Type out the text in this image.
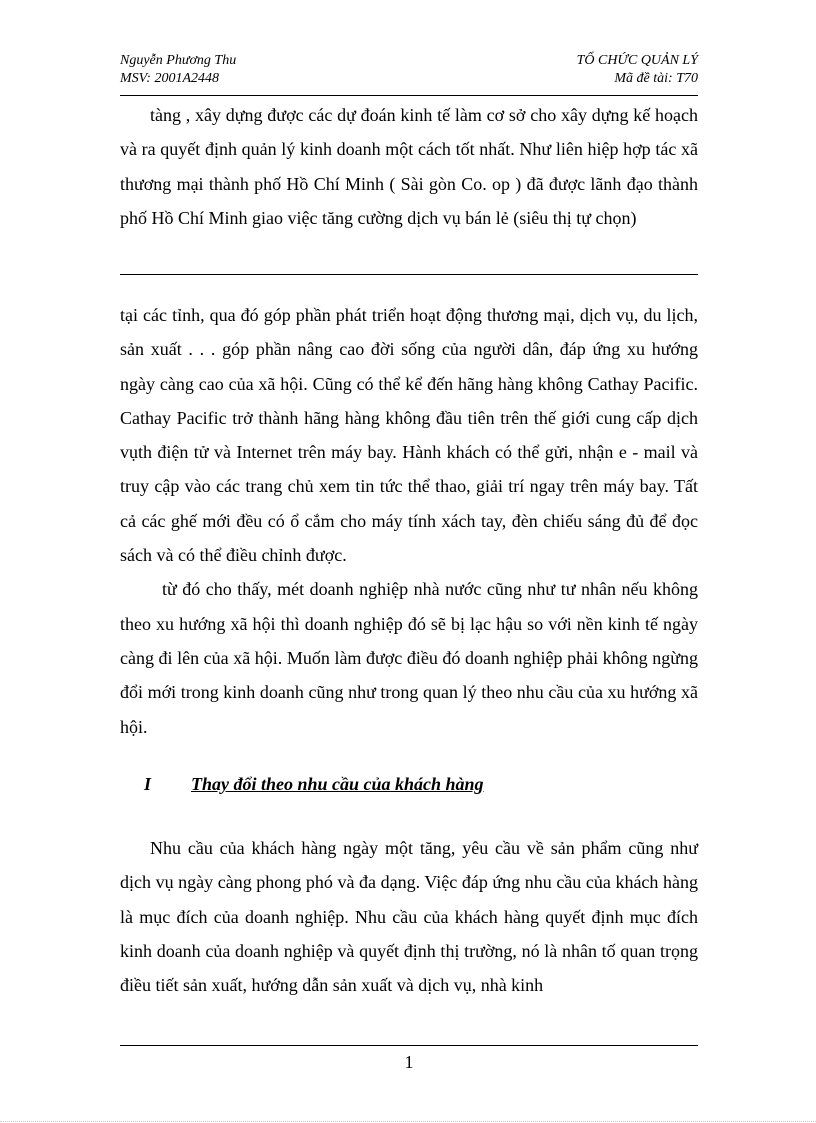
Nguyễn Phương Thu
MSV: 2001A2448
TỔ CHỨC QUẢN LÝ
Mã đề tài: T70

tàng , xây dựng được các dự đoán kinh tế làm cơ sở cho xây dựng kế hoạch và ra quyết định quản lý kinh doanh một cách tốt nhất. Như liên hiệp hợp tác xã thương mại thành phố Hồ Chí Minh ( Sài gòn Co. op ) đã được lãnh đạo thành phố Hồ Chí Minh giao việc tăng cường dịch vụ bán lẻ (siêu thị tự chọn)

tại các tỉnh, qua đó góp phần phát triển hoạt động thương mại, dịch vụ, du lịch, sản xuất . . . góp phần nâng cao đời sống của người dân, đáp ứng xu hướng ngày càng cao của xã hội. Cũng có thể kể đến hãng hàng không Cathay Pacific. Cathay Pacific trở thành hãng hàng không đầu tiên trên thế giới cung cấp dịch vụth điện tử và Internet trên máy bay. Hành khách có thể gửi, nhận e - mail và truy cập vào các trang chủ xem tin tức thể thao, giải trí ngay trên máy bay. Tất cả các ghế mới đều có ổ cắm cho máy tính xách tay, đèn chiếu sáng đủ để đọc sách và có thể điều chỉnh được.

từ đó cho thấy, mét doanh nghiệp nhà nước cũng như tư nhân nếu không theo xu hướng xã hội thì doanh nghiệp đó sẽ bị lạc hậu so với nền kinh tế ngày càng đi lên của xã hội. Muốn làm được điều đó doanh nghiệp phải không ngừng đổi mới trong kinh doanh cũng như trong quan lý theo nhu cầu của xu hướng xã hội.

I Thay đổi theo nhu cầu của khách hàng

Nhu cầu của khách hàng ngày một tăng, yêu cầu về sản phẩm cũng như dịch vụ ngày càng phong phó và đa dạng. Việc đáp ứng nhu cầu của khách hàng là mục đích của doanh nghiệp. Nhu cầu của khách hàng quyết định mục đích kinh doanh của doanh nghiệp và quyết định thị trường, nó là nhân tố quan trọng điều tiết sản xuất, hướng dẫn sản xuất và dịch vụ, nhà kinh

1
